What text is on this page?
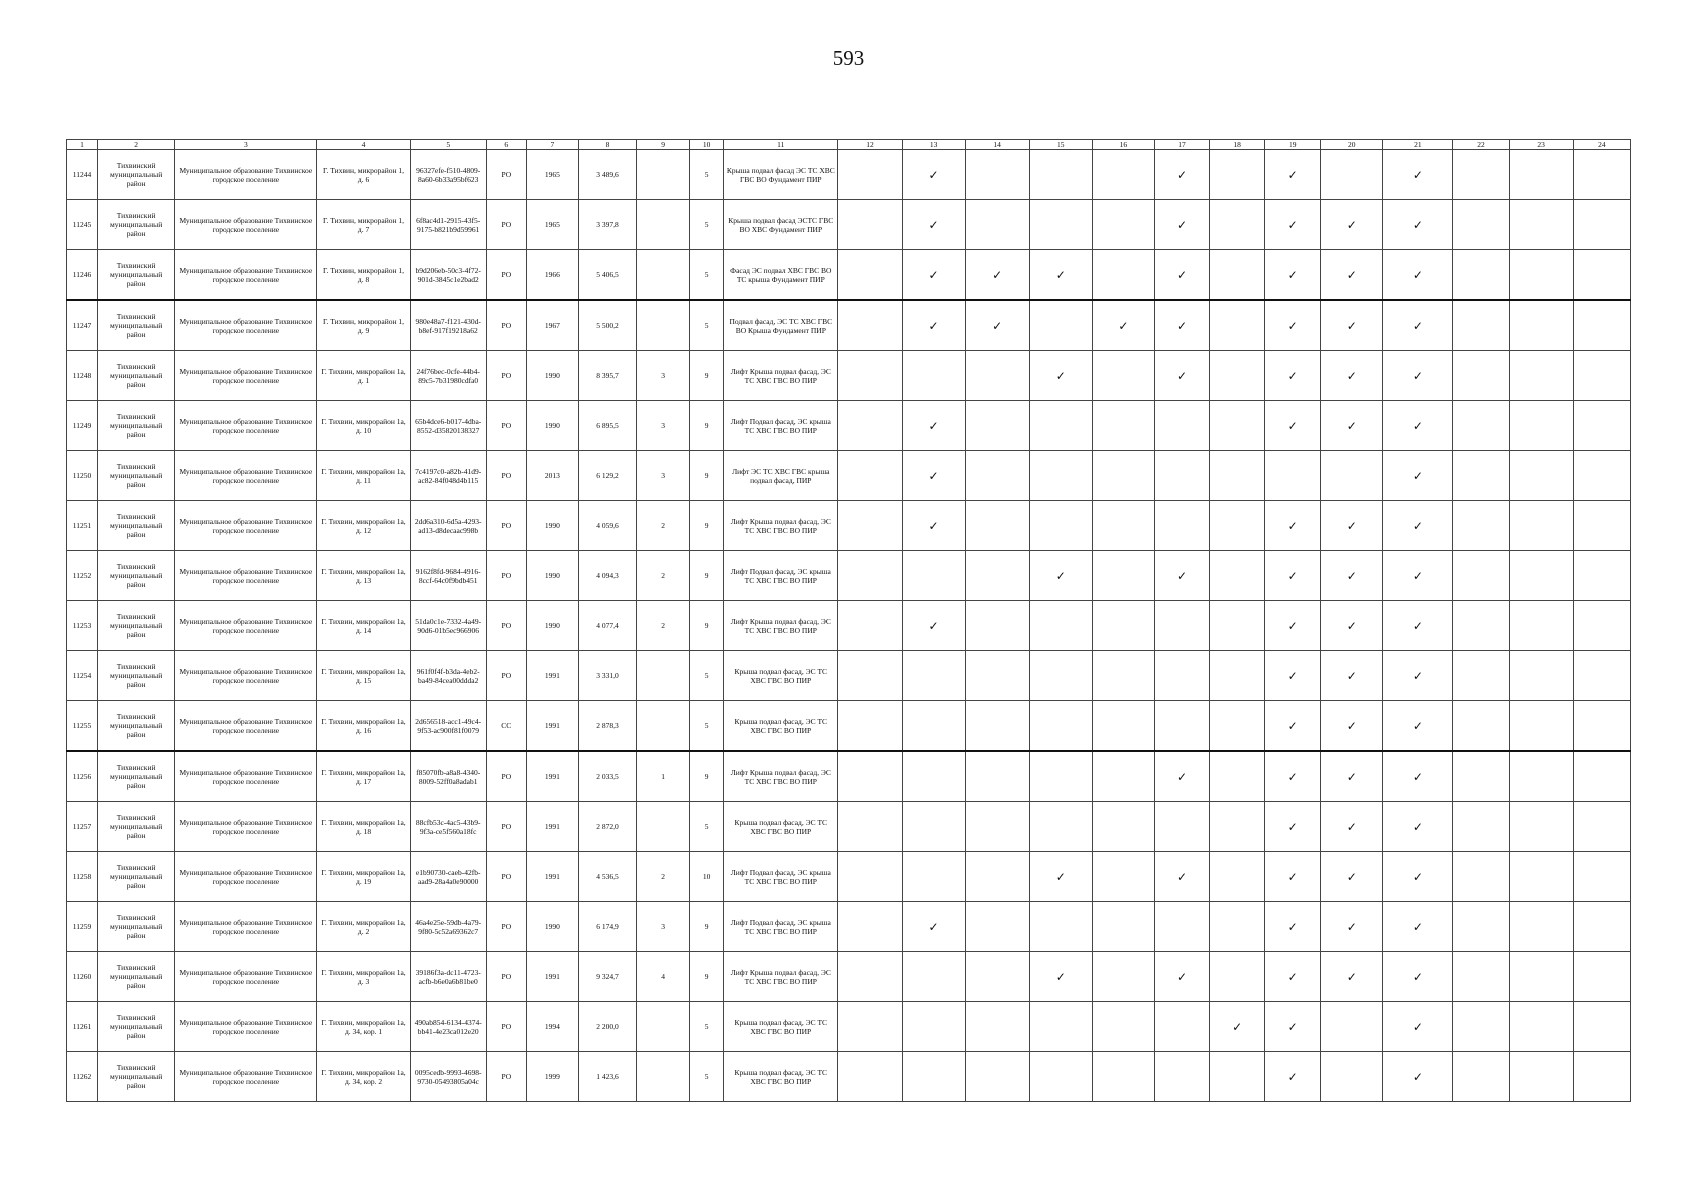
593
1	2	3	4	5	6	7	8	9	10	11	12	13	14	15	16	17	18	19	20	21	22	23	24
11244	Тихвинский муниципальный район	Муниципальное образование Тихвинское городское поселение	Г. Тихвин, микрорайон 1, д. 6	96327efe-f510-4809-8a60-6b33a95bf623	РО	1965	3 489,6		5	Крыша подвал фасад ЭС ТС ХВС ГВС ВО Фундамент ПИР		✓				✓		✓		✓			
11245	Тихвинский муниципальный район	Муниципальное образование Тихвинское городское поселение	Г. Тихвин, микрорайон 1, д. 7	6f8ac4d1-2915-43f5-9175-b821b9d59961	РО	1965	3 397,8		5	Крыша подвал фасад ЭСТС ГВС ВО ХВС Фундамент ПИР		✓				✓		✓	✓	✓			
11246	Тихвинский муниципальный район	Муниципальное образование Тихвинское городское поселение	Г. Тихвин, микрорайон 1, д. 8	b9d206eb-50c3-4f72-901d-3845c1e2bad2	РО	1966	5 406,5		5	Фасад ЭС подвал ХВС ГВС ВО ТС крыша Фундамент ПИР		✓	✓	✓		✓		✓	✓	✓			
11247	Тихвинский муниципальный район	Муниципальное образование Тихвинское городское поселение	Г. Тихвин, микрорайон 1, д. 9	980e48a7-f121-430d-b8ef-917f19218a62	РО	1967	5 500,2		5	Подвал фасад, ЭС ТС ХВС ГВС ВО Крыша Фундамент ПИР		✓	✓		✓	✓		✓	✓	✓			
11248	Тихвинский муниципальный район	Муниципальное образование Тихвинское городское поселение	Г. Тихвин, микрорайон 1а, д. 1	24f76bec-0cfe-44b4-89c5-7b31980cdfa0	РО	1990	8 395,7	3	9	Лифт Крыша подвал фасад, ЭС ТС ХВС ГВС ВО ПИР				✓		✓		✓	✓	✓			
11249	Тихвинский муниципальный район	Муниципальное образование Тихвинское городское поселение	Г. Тихвин, микрорайон 1а, д. 10	65b4dce6-b017-4dba-8552-d35820138327	РО	1990	6 895,5	3	9	Лифт Подвал фасад, ЭС крыша ТС ХВС ГВС ВО ПИР		✓						✓	✓	✓			
11250	Тихвинский муниципальный район	Муниципальное образование Тихвинское городское поселение	Г. Тихвин, микрорайон 1а, д. 11	7c4197c0-a82b-41d9-ac82-84f048d4b115	РО	2013	6 129,2	3	9	Лифт ЭС ТС ХВС ГВС крыша подвал фасад, ПИР		✓								✓			
11251	Тихвинский муниципальный район	Муниципальное образование Тихвинское городское поселение	Г. Тихвин, микрорайон 1а, д. 12	2dd6a310-6d5a-4293-ad13-d8decaac998b	РО	1990	4 059,6	2	9	Лифт Крыша подвал фасад, ЭС ТС ХВС ГВС ВО ПИР		✓						✓	✓	✓			
11252	Тихвинский муниципальный район	Муниципальное образование Тихвинское городское поселение	Г. Тихвин, микрорайон 1а, д. 13	9162f8fd-9684-4916-8ccf-64c0f9bdb451	РО	1990	4 094,3	2	9	Лифт Подвал фасад, ЭС крыша ТС ХВС ГВС ВО ПИР				✓		✓		✓	✓	✓			
11253	Тихвинский муниципальный район	Муниципальное образование Тихвинское городское поселение	Г. Тихвин, микрорайон 1а, д. 14	51da0c1e-7332-4a49-90d6-01b5ec966906	РО	1990	4 077,4	2	9	Лифт Крыша подвал фасад, ЭС ТС ХВС ГВС ВО ПИР		✓						✓	✓	✓			
11254	Тихвинский муниципальный район	Муниципальное образование Тихвинское городское поселение	Г. Тихвин, микрорайон 1а, д. 15	961f0f4f-b3da-4eb2-ba49-84cea00ddda2	РО	1991	3 331,0		5	Крыша подвал фасад, ЭС ТС ХВС ГВС ВО ПИР								✓	✓	✓			
11255	Тихвинский муниципальный район	Муниципальное образование Тихвинское городское поселение	Г. Тихвин, микрорайон 1а, д. 16	2d656518-acc1-49c4-9f53-ac900f81f0079	СС	1991	2 878,3		5	Крыша подвал фасад, ЭС ТС ХВС ГВС ВО ПИР								✓	✓	✓			
11256	Тихвинский муниципальный район	Муниципальное образование Тихвинское городское поселение	Г. Тихвин, микрорайон 1а, д. 17	f85070fb-a8a8-4340-8009-52ff0a8adab1	РО	1991	2 033,5	1	9	Лифт Крыша подвал фасад, ЭС ТС ХВС ГВС ВО ПИР						✓		✓	✓	✓			
11257	Тихвинский муниципальный район	Муниципальное образование Тихвинское городское поселение	Г. Тихвин, микрорайон 1а, д. 18	88cfb53c-4ac5-43b9-9f3a-ce5f560a18fc	РО	1991	2 872,0		5	Крыша подвал фасад, ЭС ТС ХВС ГВС ВО ПИР								✓	✓	✓			
11258	Тихвинский муниципальный район	Муниципальное образование Тихвинское городское поселение	Г. Тихвин, микрорайон 1а, д. 19	e1b90730-caeb-42fb-aad9-28a4a0e90000	РО	1991	4 536,5	2	10	Лифт Подвал фасад, ЭС крыша ТС ХВС ГВС ВО ПИР				✓		✓		✓	✓	✓			
11259	Тихвинский муниципальный район	Муниципальное образование Тихвинское городское поселение	Г. Тихвин, микрорайон 1а, д. 2	46a4e25e-59db-4a79-9f80-5c52a69362c7	РО	1990	6 174,9	3	9	Лифт Подвал фасад, ЭС крыша ТС ХВС ГВС ВО ПИР		✓						✓	✓	✓			
11260	Тихвинский муниципальный район	Муниципальное образование Тихвинское городское поселение	Г. Тихвин, микрорайон 1а, д. 3	39186f3a-dc11-4723-acfb-b6e0a6b81be0	РО	1991	9 324,7	4	9	Лифт Крыша подвал фасад, ЭС ТС ХВС ГВС ВО ПИР				✓		✓		✓	✓	✓			
11261	Тихвинский муниципальный район	Муниципальное образование Тихвинское городское поселение	Г. Тихвин, микрорайон 1а, д. 34, кор. 1	490ab854-6134-4374-bb41-4e23ca012e20	РО	1994	2 200,0		5	Крыша подвал фасад, ЭС ТС ХВС ГВС ВО ПИР							✓	✓		✓			
11262	Тихвинский муниципальный район	Муниципальное образование Тихвинское городское поселение	Г. Тихвин, микрорайон 1а, д. 34, кор. 2	0095cedb-9993-4698-9730-05493805a04c	РО	1999	1 423,6		5	Крыша подвал фасад, ЭС ТС ХВС ГВС ВО ПИР								✓		✓			
